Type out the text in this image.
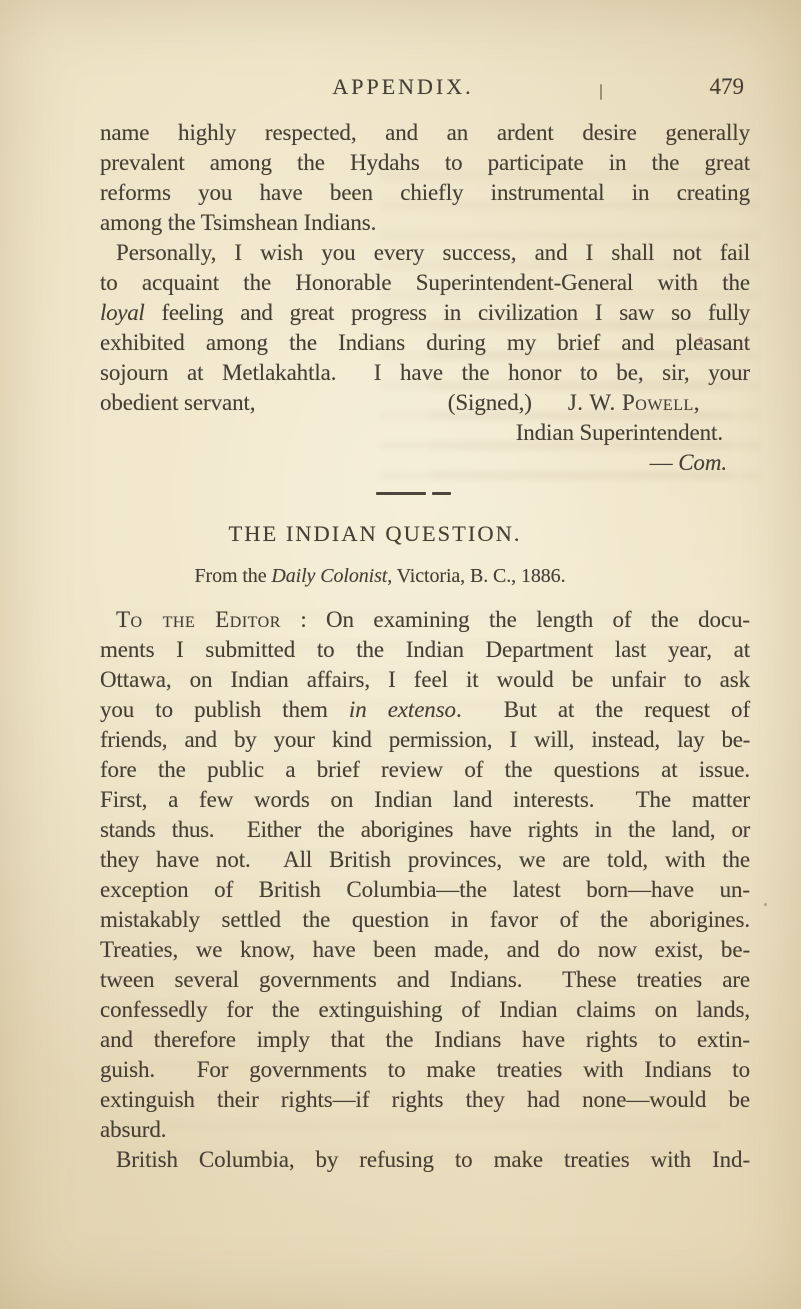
APPENDIX.	479
name highly respected, and an ardent desire generally
prevalent among the Hydahs to participate in the great
reforms you have been chiefly instrumental in creating
among the Tsimshean Indians.
Personally, I wish you every success, and I shall not fail
to acquaint the Honorable Superintendent-General with the
loyal feeling and great progress in civilization I saw so fully
exhibited among the Indians during my brief and pleasant
sojourn at Metlakahtla.  I have the honor to be, sir, your
obedient servant,	(Signed,) J. W. Powell,
Indian Superintendent.
— Com.
THE INDIAN QUESTION.
From the Daily Colonist, Victoria, B. C., 1886.
To the Editor : On examining the length of the docu-
ments I submitted to the Indian Department last year, at
Ottawa, on Indian affairs, I feel it would be unfair to ask
you to publish them in extenso.  But at the request of
friends, and by your kind permission, I will, instead, lay be-
fore the public a brief review of the questions at issue.
First, a few words on Indian land interests.  The matter
stands thus.  Either the aborigines have rights in the land, or
they have not.  All British provinces, we are told, with the
exception of British Columbia—the latest born—have un-
mistakably settled the question in favor of the aborigines.
Treaties, we know, have been made, and do now exist, be-
tween several governments and Indians.  These treaties are
confessedly for the extinguishing of Indian claims on lands,
and therefore imply that the Indians have rights to extin-
guish.  For governments to make treaties with Indians to
extinguish their rights—if rights they had none—would be
absurd.
British Columbia, by refusing to make treaties with Ind-
